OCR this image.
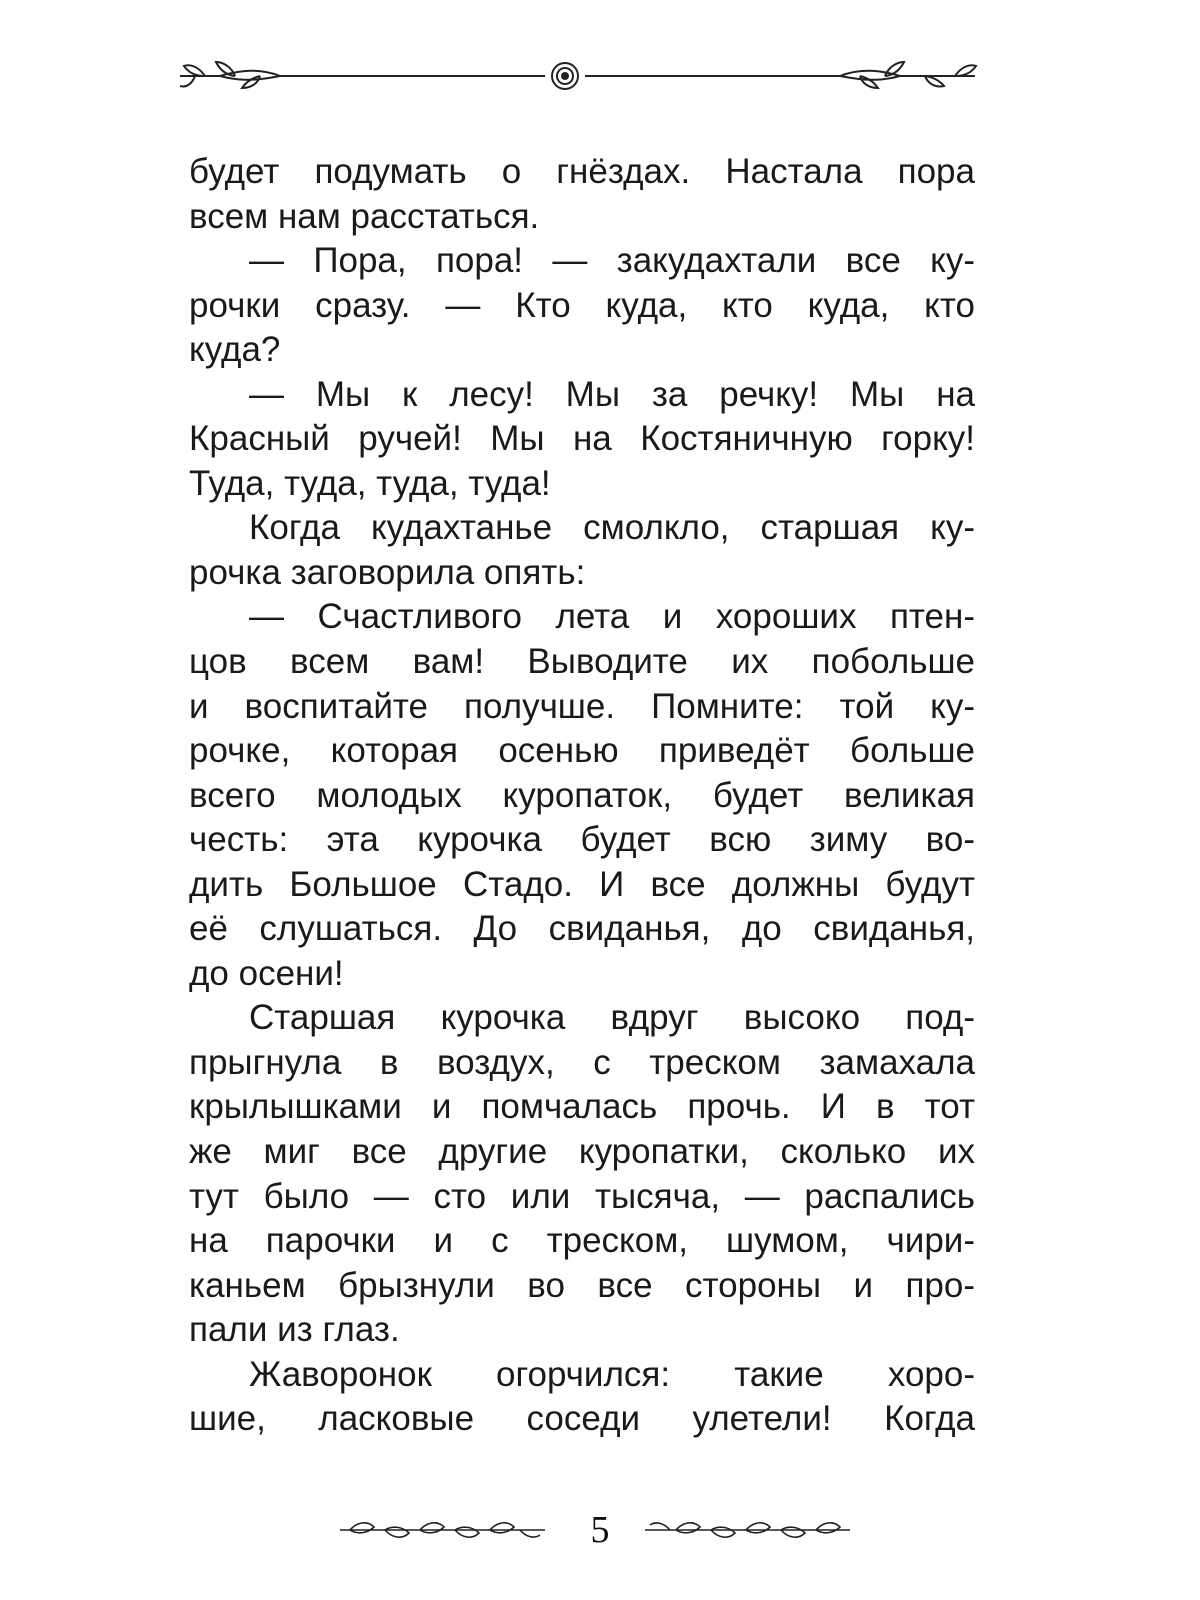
будет подумать о гнёздах. Настала пора
всем нам расстаться.
— Пора, пора! — закудахтали все ку-
рочки сразу. — Кто куда, кто куда, кто
куда?
— Мы к лесу! Мы за речку! Мы на
Красный ручей! Мы на Костяничную горку!
Туда, туда, туда, туда!
Когда кудахтанье смолкло, старшая ку-
рочка заговорила опять:
— Счастливого лета и хороших птен-
цов всем вам! Выводите их побольше
и воспитайте получше. Помните: той ку-
рочке, которая осенью приведёт больше
всего молодых куропаток, будет великая
честь: эта курочка будет всю зиму во-
дить Большое Стадо. И все должны будут
её слушаться. До свиданья, до свиданья,
до осени!
Старшая курочка вдруг высоко под-
прыгнула в воздух, с треском замахала
крылышками и помчалась прочь. И в тот
же миг все другие куропатки, сколько их
тут было — сто или тысяча, — распались
на парочки и с треском, шумом, чири-
каньем брызнули во все стороны и про-
пали из глаз.
Жаворонок огорчился: такие хоро-
шие, ласковые соседи улетели! Когда
5
